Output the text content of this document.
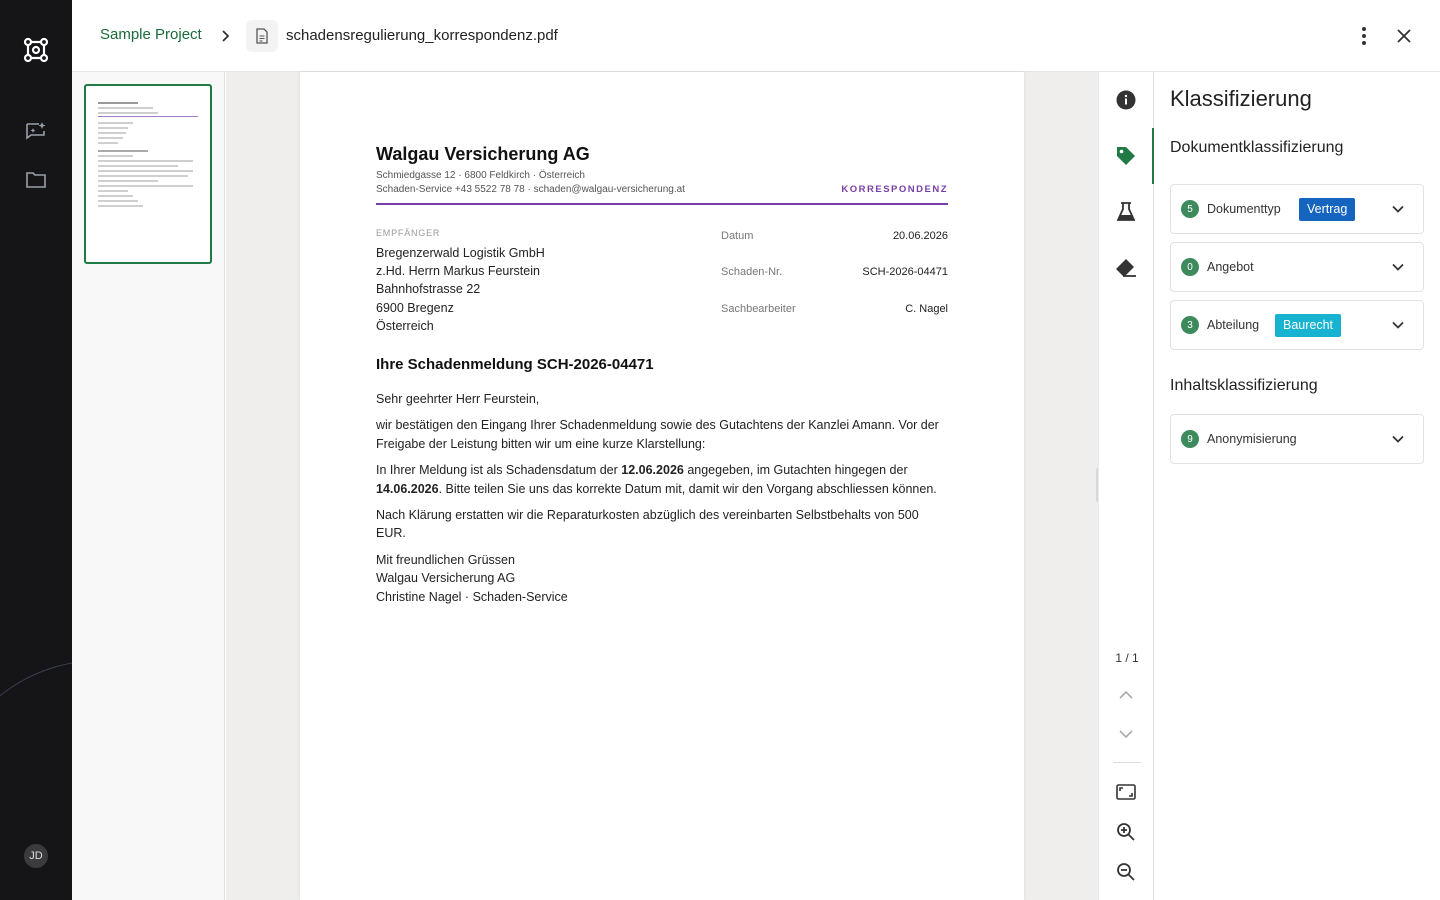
JD
Sample Project	schadensregulierung_korrespondenz.pdf
Walgau Versicherung AG
Schmiedgasse 12 · 6800 Feldkirch · Österreich
Schaden-Service +43 5522 78 78 · schaden@walgau-versicherung.at	KORRESPONDENZ
EMPFÄNGER
Bregenzerwald Logistik GmbH
z.Hd. Herrn Markus Feurstein
Bahnhofstrasse 22
6900 Bregenz
Österreich
Datum	20.06.2026
Schaden-Nr.	SCH-2026-04471
Sachbearbeiter	C. Nagel
Ihre Schadenmeldung SCH-2026-04471

Sehr geehrter Herr Feurstein,

wir bestätigen den Eingang Ihrer Schadenmeldung sowie des Gutachtens der Kanzlei Amann. Vor der Freigabe der Leistung bitten wir um eine kurze Klarstellung:

In Ihrer Meldung ist als Schadensdatum der 12.06.2026 angegeben, im Gutachten hingegen der 14.06.2026. Bitte teilen Sie uns das korrekte Datum mit, damit wir den Vorgang abschliessen können.

Nach Klärung erstatten wir die Reparaturkosten abzüglich des vereinbarten Selbstbehalts von 500 EUR.

Mit freundlichen Grüssen
Walgau Versicherung AG
Christine Nagel · Schaden-Service
1 / 1
Klassifizierung
Dokumentklassifizierung
5	Dokumenttyp	Vertrag
0	Angebot
3	Abteilung	Baurecht
Inhaltsklassifizierung
9	Anonymisierung
